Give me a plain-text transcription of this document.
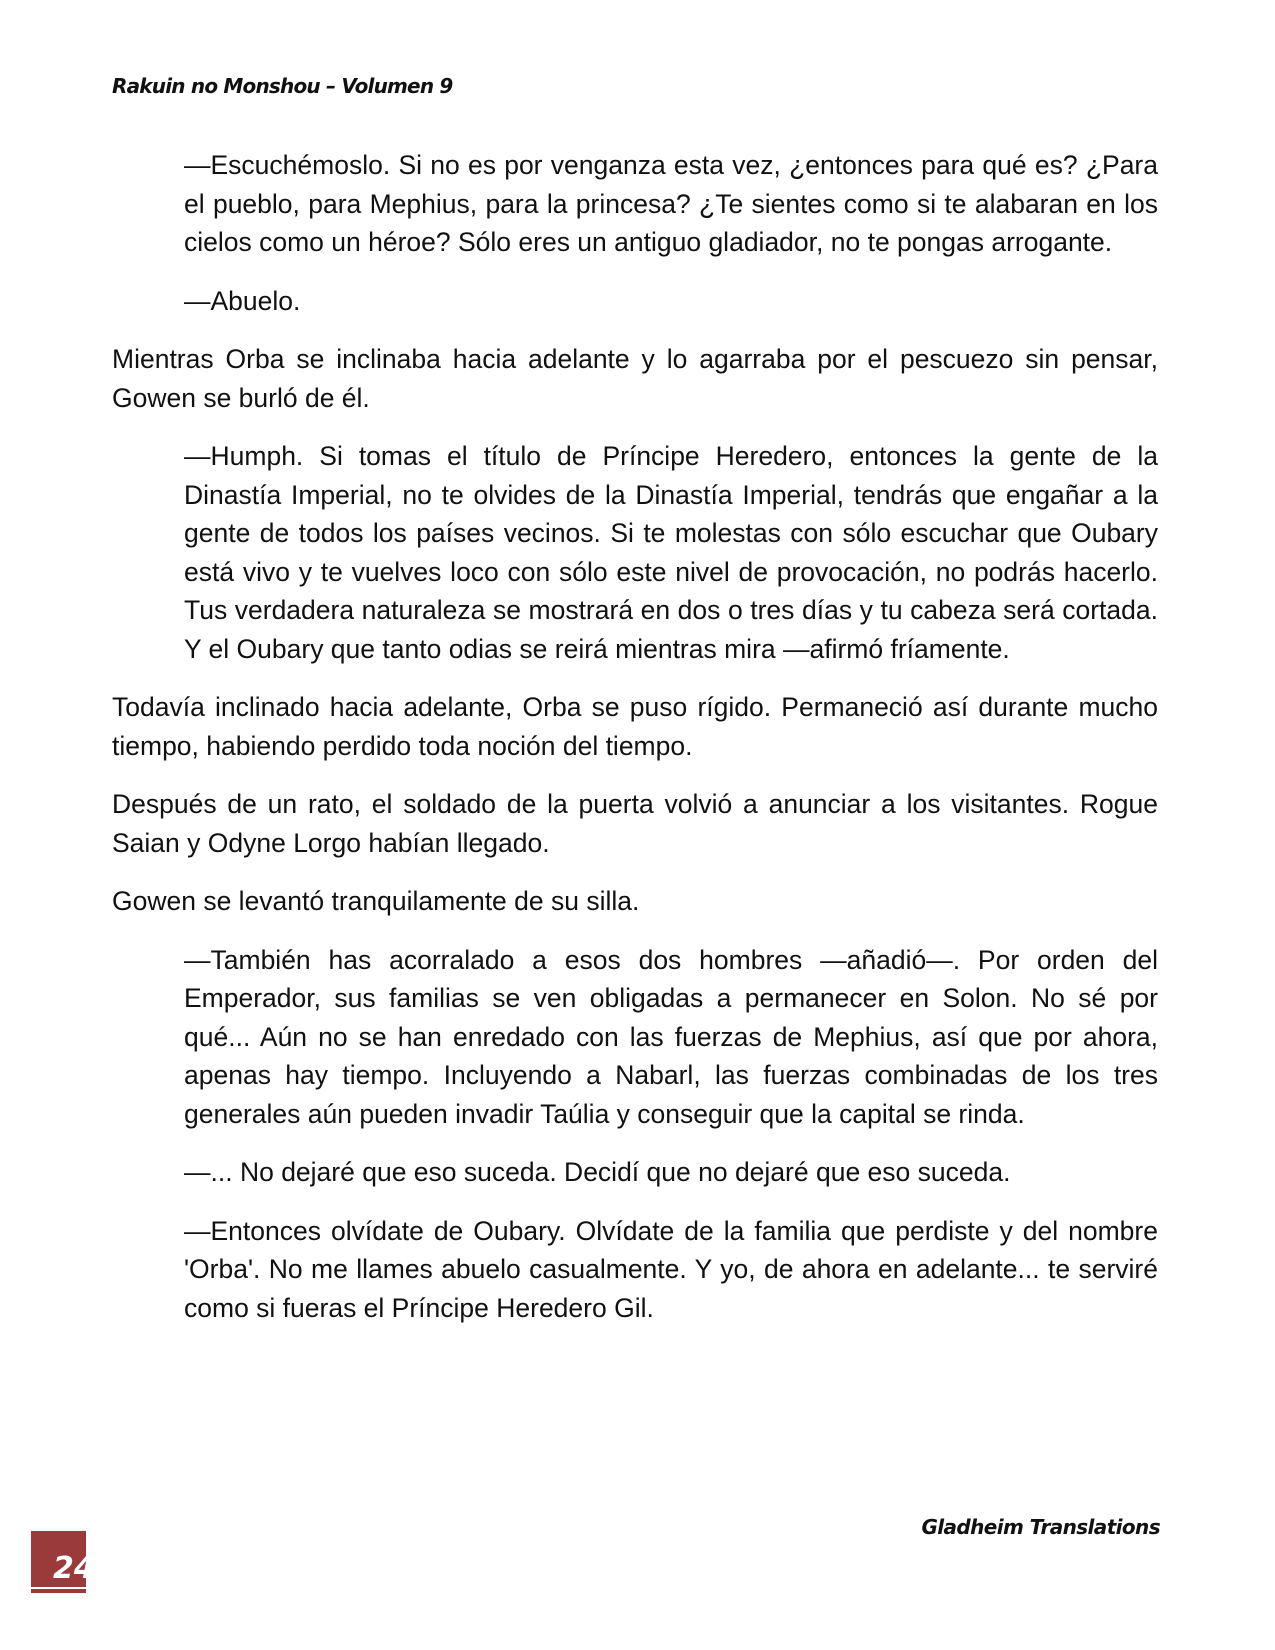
Rakuin no Monshou – Volumen 9

—Escuchémoslo. Si no es por venganza esta vez, ¿entonces para qué es? ¿Para el pueblo, para Mephius, para la princesa? ¿Te sientes como si te alabaran en los cielos como un héroe? Sólo eres un antiguo gladiador, no te pongas arrogante.

—Abuelo.

Mientras Orba se inclinaba hacia adelante y lo agarraba por el pescuezo sin pensar, Gowen se burló de él.

—Humph. Si tomas el título de Príncipe Heredero, entonces la gente de la Dinastía Imperial, no te olvides de la Dinastía Imperial, tendrás que engañar a la gente de todos los países vecinos. Si te molestas con sólo escuchar que Oubary está vivo y te vuelves loco con sólo este nivel de provocación, no podrás hacerlo. Tus verdadera naturaleza se mostrará en dos o tres días y tu cabeza será cortada. Y el Oubary que tanto odias se reirá mientras mira —afirmó fríamente.

Todavía inclinado hacia adelante, Orba se puso rígido. Permaneció así durante mucho tiempo, habiendo perdido toda noción del tiempo.

Después de un rato, el soldado de la puerta volvió a anunciar a los visitantes. Rogue Saian y Odyne Lorgo habían llegado.

Gowen se levantó tranquilamente de su silla.

—También has acorralado a esos dos hombres —añadió—. Por orden del Emperador, sus familias se ven obligadas a permanecer en Solon. No sé por qué... Aún no se han enredado con las fuerzas de Mephius, así que por ahora, apenas hay tiempo. Incluyendo a Nabarl, las fuerzas combinadas de los tres generales aún pueden invadir Taúlia y conseguir que la capital se rinda.

—... No dejaré que eso suceda. Decidí que no dejaré que eso suceda.

—Entonces olvídate de Oubary. Olvídate de la familia que perdiste y del nombre 'Orba'. No me llames abuelo casualmente. Y yo, de ahora en adelante... te serviré como si fueras el Príncipe Heredero Gil.

Gladheim Translations
24
